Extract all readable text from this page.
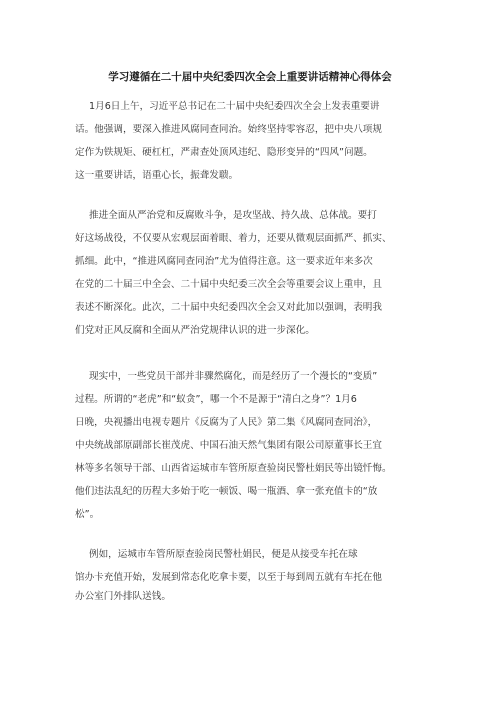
学习遵循在二十届中央纪委四次全会上重要讲话精神心得体会
1月6日上午，习近平总书记在二十届中央纪委四次全会上发表重要讲
话。他强调，要深入推进风腐同查同治。始终坚持零容忍，把中央八项规
定作为铁规矩、硬杠杠，严肃查处顶风违纪、隐形变异的“四风”问题。
这一重要讲话，语重心长，振聋发聩。
推进全面从严治党和反腐败斗争，是攻坚战、持久战、总体战。要打
好这场战役，不仅要从宏观层面着眼、着力，还要从微观层面抓严、抓实、
抓细。此中，“推进风腐同查同治”尤为值得注意。这一要求近年来多次
在党的二十届三中全会、二十届中央纪委三次全会等重要会议上重申，且
表述不断深化。此次，二十届中央纪委四次全会又对此加以强调，表明我
们党对正风反腐和全面从严治党规律认识的进一步深化。
现实中，一些党员干部并非骤然腐化，而是经历了一个漫长的“变质”
过程。所谓的“老虎”和“蚁贪”，哪一个不是源于“清白之身”？1月6
日晚，央视播出电视专题片《反腐为了人民》第二集《风腐同查同治》，
中央统战部原副部长崔茂虎、中国石油天然气集团有限公司原董事长王宜
林等多名领导干部、山西省运城市车管所原查验岗民警杜娟民等出镜忏悔。
他们违法乱纪的历程大多始于吃一顿饭、喝一瓶酒、拿一张充值卡的“放
松”。
例如，运城市车管所原查验岗民警杜娟民，便是从接受车托在球
馆办卡充值开始，发展到常态化吃拿卡要，以至于每到周五就有车托在他
办公室门外排队送钱。
